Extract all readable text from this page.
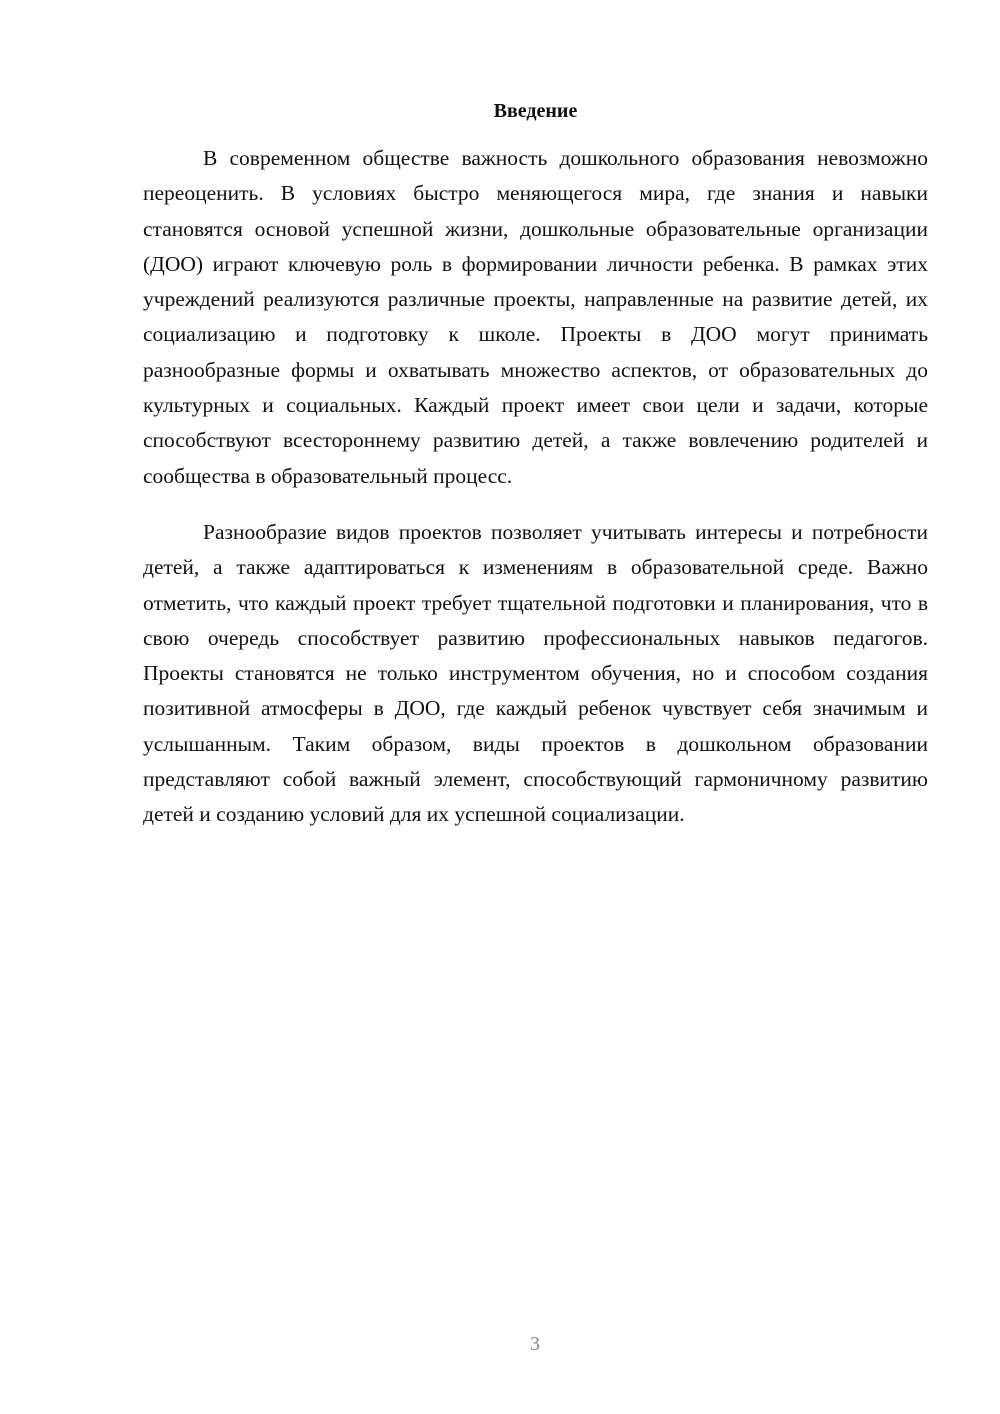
Введение

В современном обществе важность дошкольного образования невозможно переоценить. В условиях быстро меняющегося мира, где знания и навыки становятся основой успешной жизни, дошкольные образовательные организации (ДОО) играют ключевую роль в формировании личности ребенка. В рамках этих учреждений реализуются различные проекты, направленные на развитие детей, их социализацию и подготовку к школе. Проекты в ДОО могут принимать разнообразные формы и охватывать множество аспектов, от образовательных до культурных и социальных. Каждый проект имеет свои цели и задачи, которые способствуют всестороннему развитию детей, а также вовлечению родителей и сообщества в образовательный процесс.

Разнообразие видов проектов позволяет учитывать интересы и потребности детей, а также адаптироваться к изменениям в образовательной среде. Важно отметить, что каждый проект требует тщательной подготовки и планирования, что в свою очередь способствует развитию профессиональных навыков педагогов. Проекты становятся не только инструментом обучения, но и способом создания позитивной атмосферы в ДОО, где каждый ребенок чувствует себя значимым и услышанным. Таким образом, виды проектов в дошкольном образовании представляют собой важный элемент, способствующий гармоничному развитию детей и созданию условий для их успешной социализации.

3
